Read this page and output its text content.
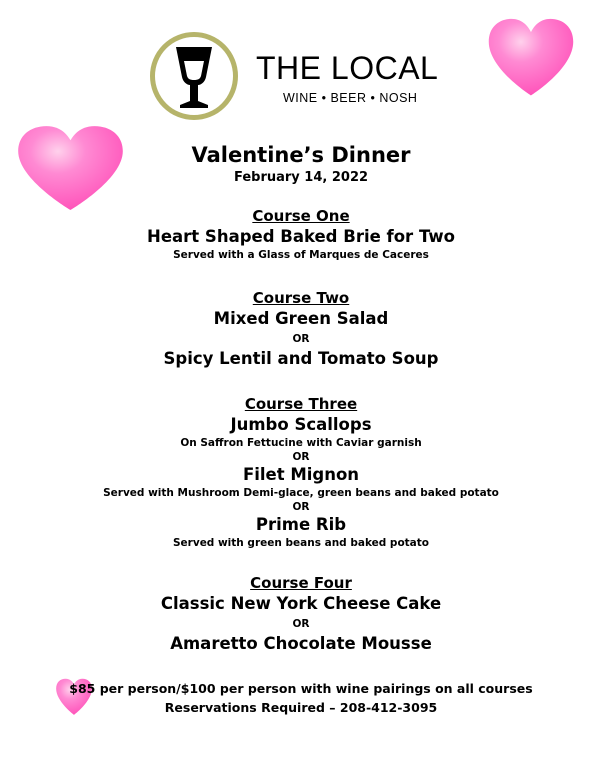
THE LOCAL
WINE • BEER • NOSH
Valentine’s Dinner
February 14, 2022
Course One
Heart Shaped Baked Brie for Two
Served with a Glass of Marques de Caceres
Course Two
Mixed Green Salad
OR
Spicy Lentil and Tomato Soup
Course Three
Jumbo Scallops
On Saffron Fettucine with Caviar garnish
OR
Filet Mignon
Served with Mushroom Demi-glace, green beans and baked potato
OR
Prime Rib
Served with green beans and baked potato
Course Four
Classic New York Cheese Cake
OR
Amaretto Chocolate Mousse
$85 per person/$100 per person with wine pairings on all courses
Reservations Required – 208-412-3095
